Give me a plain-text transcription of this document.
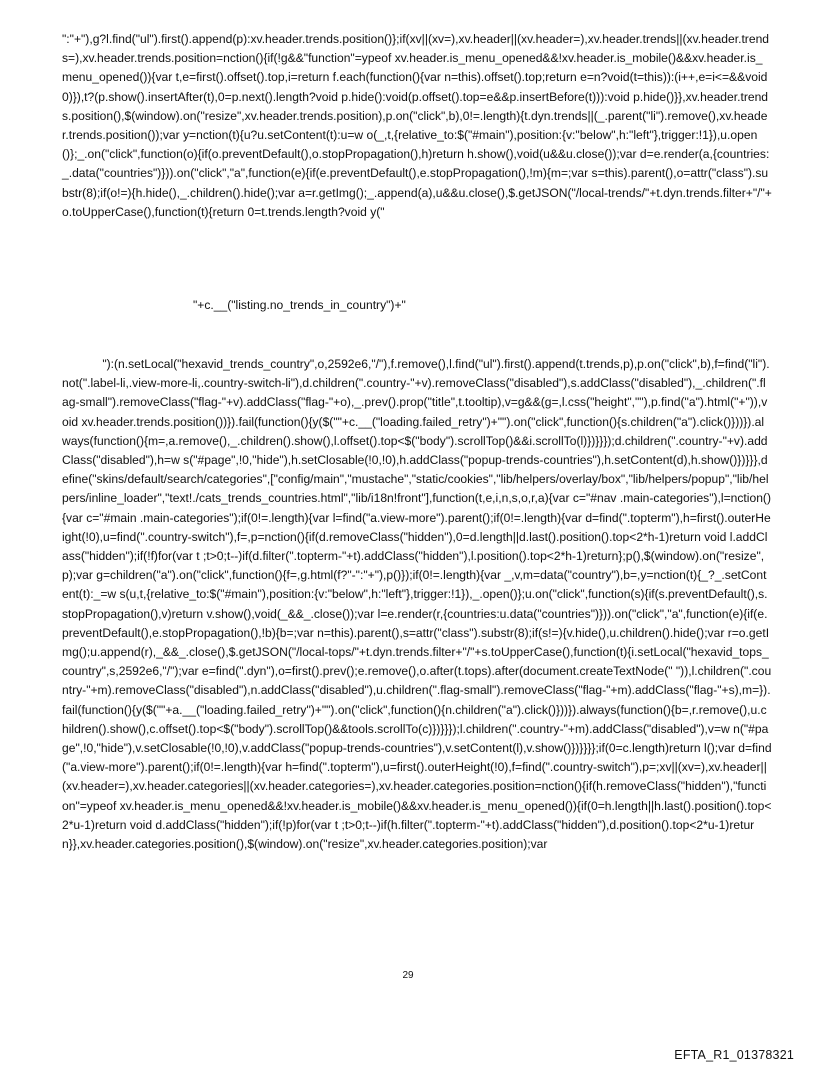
":"+"),g?l.find("ul").first().append(p):xv.header.trends.position()};if(xv||(xv=),xv.header||(xv.header=),xv.header.trends||(xv.header.trends=),xv.header.trends.position=nction(){if(!g&&"function"=ypeof xv.header.is_menu_opened&&!xv.header.is_mobile()&&xv.header.is_menu_opened()){var t,e=first().offset().top,i=return f.each(function(){var n=this).offset().top;return e=n?void(t=this)):(i++,e=i<=&&void 0)}),t?(p.show().insertAfter(t),0=p.next().length?void p.hide():void(p.offset().top=e&&p.insertBefore(t))):void p.hide()}},xv.header.trends.position(),$(window).on("resize",xv.header.trends.position),p.on("click",b),0!=.length){t.dyn.trends||(_.parent("li").remove(),xv.header.trends.position());var y=nction(t){u?u.setContent(t):u=w o(_,t,{relative_to:$("#main"),position:{v:"below",h:"left"},trigger:!1}),u.open()};_.on("click",function(o){if(o.preventDefault(),o.stopPropagation(),h)return h.show(),void(u&&u.close());var d=e.render(a,{countries:_.data("countries")})).on("click","a",function(e){if(e.preventDefault(),e.stopPropagation(),!m){m=;var s=this).parent(),o=attr("class").substr(8);if(o!=){h.hide(),_.children().hide();var a=r.getImg();_.append(a),u&&u.close(),$.getJSON("/local-trends/"+t.dyn.trends.filter+"/"+o.toUpperCase(),function(t){return 0=t.trends.length?void y("
"+c.__("listing.no_trends_in_country")+"
"):(n.setLocal("hexavid_trends_country",o,2592e6,"/"),f.remove(),l.find("ul").first().append(t.trends,p),p.on("click",b),f=find("li").not(".label-li,.view-more-li,.country-switch-li"),d.children(".country-"+v).removeClass("disabled"),s.addClass("disabled"),_.children(".flag-small").removeClass("flag-"+v).addClass("flag-"+o),_.prev().prop("title",t.tooltip),v=g&&(g=,l.css("height",""),p.find("a").html("+")),void xv.header.trends.position())}).fail(function(){y($(""+c.__("loading.failed_retry")+"").on("click",function(){s.children("a").click()}))}).always(function(){m=,a.remove(),_.children().show(),l.offset().top<$("body").scrollTop()&&i.scrollTo(l)})}}});d.children(".country-"+v).addClass("disabled"),h=w s("#page",!0,"hide"),h.setClosable(!0,!0),h.addClass("popup-trends-countries"),h.setContent(d),h.show()})}}},define("skins/default/search/categories",["config/main","mustache","static/cookies","lib/helpers/overlay/box","lib/helpers/popup","lib/helpers/inline_loader","text!./cats_trends_countries.html","lib/i18n!front"],function(t,e,i,n,s,o,r,a){var c="#nav .main-categories"),l=nction(){var c="#main .main-categories");if(0!=.length){var l=find("a.view-more").parent();if(0!=.length){var d=find(".topterm"),h=first().outerHeight(!0),u=find(".country-switch"),f=,p=nction(){if(d.removeClass("hidden"),0=d.length||d.last().position().top<2*h-1)return void l.addClass("hidden");if(!f)for(var t ;t>0;t--)if(d.filter(".topterm-"+t).addClass("hidden"),l.position().top<2*h-1)return};p(),$(window).on("resize",p);var g=children("a").on("click",function(){f=,g.html(f?"-":"+"),p()});if(0!=.length){var _,v,m=data("country"),b=,y=nction(t){_?_.setContent(t):_=w s(u,t,{relative_to:$("#main"),position:{v:"below",h:"left"},trigger:!1}),_.open()};u.on("click",function(s){if(s.preventDefault(),s.stopPropagation(),v)return v.show(),void(_&&_.close());var l=e.render(r,{countries:u.data("countries")})).on("click","a",function(e){if(e.preventDefault(),e.stopPropagation(),!b){b=;var n=this).parent(),s=attr("class").substr(8);if(s!=){v.hide(),u.children().hide();var r=o.getImg();u.append(r),_&&_.close(),$.getJSON("/local-tops/"+t.dyn.trends.filter+"/"+s.toUpperCase(),function(t){i.setLocal("hexavid_tops_country",s,2592e6,"/");var e=find(".dyn"),o=first().prev();e.remove(),o.after(t.tops).after(document.createTextNode(" ")),l.children(".country-"+m).removeClass("disabled"),n.addClass("disabled"),u.children(".flag-small").removeClass("flag-"+m).addClass("flag-"+s),m=}).fail(function(){y($(""+a.__("loading.failed_retry")+"").on("click",function(){n.children("a").click()}))}).always(function(){b=,r.remove(),u.children().show(),c.offset().top<$("body").scrollTop()&&tools.scrollTo(c)})}}});l.children(".country-"+m).addClass("disabled"),v=w n("#page",!0,"hide"),v.setClosable(!0,!0),v.addClass("popup-trends-countries"),v.setContent(l),v.show()})}}}};if(0=c.length)return l();var d=find("a.view-more").parent();if(0!=.length){var h=find(".topterm"),u=first().outerHeight(!0),f=find(".country-switch"),p=;xv||(xv=),xv.header||(xv.header=),xv.header.categories||(xv.header.categories=),xv.header.categories.position=nction(){if(h.removeClass("hidden"),"function"=ypeof xv.header.is_menu_opened&&!xv.header.is_mobile()&&xv.header.is_menu_opened()){if(0=h.length||h.last().position().top<2*u-1)return void d.addClass("hidden");if(!p)for(var t ;t>0;t--)if(h.filter(".topterm-"+t).addClass("hidden"),d.position().top<2*u-1)return}},xv.header.categories.position(),$(window).on("resize",xv.header.categories.position);var
29
EFTA_R1_01378321
